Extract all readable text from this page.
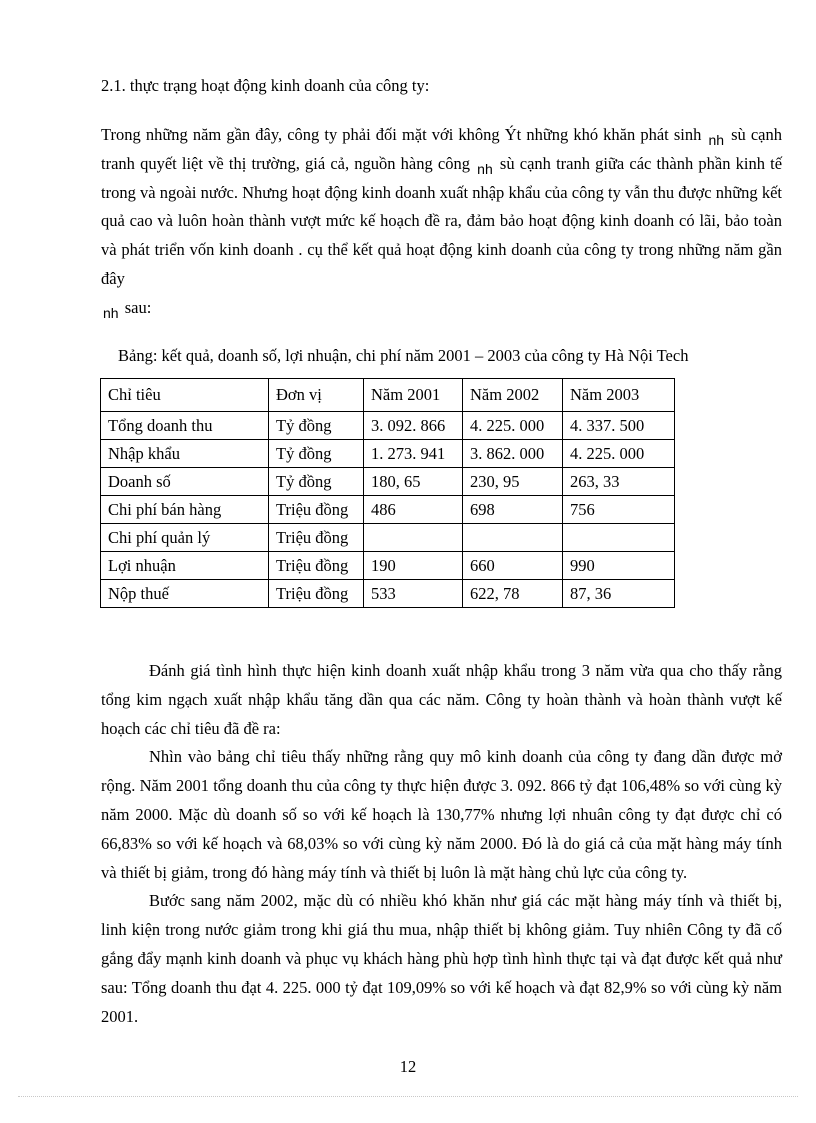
2.1. thực trạng hoạt động kinh doanh của công ty:
Trong những năm gần đây, công ty phải đối mặt với không Ýt những khó khăn phát sinh $_{nh}$ sù cạnh tranh quyết liệt về thị trường, giá cả, nguồn hàng công $_{nh}$ sù cạnh tranh giữa các thành phần kinh tế trong và ngoài nước. Nhưng hoạt động kinh doanh xuất nhập khẩu của công ty vẫn thu được những kết quả cao và luôn hoàn thành vượt mức kế hoạch đề ra, đảm bảo hoạt động kinh doanh có lãi, bảo toàn và phát triển vốn kinh doanh . cụ thể kết quả hoạt động kinh doanh của công ty trong những năm gần đây
$_{nh}$ sau:
Bảng: kết quả, doanh số, lợi nhuận, chi phí năm 2001 – 2003 của công ty Hà Nội Tech
Chỉ tiêu	Đơn vị	Năm 2001	Năm 2002	Năm 2003
Tổng doanh thu	Tỷ đồng	3. 092. 866	4. 225. 000	4. 337. 500
Nhập khẩu	Tỷ đồng	1. 273. 941	3. 862. 000	4. 225. 000
Doanh số	Tỷ đồng	180, 65	230, 95	263, 33
Chi phí bán hàng	Triệu đồng	486	698	756
Chi phí quản lý	Triệu đồng			
Lợi nhuận	Triệu đồng	190	660	990
Nộp thuế	Triệu đồng	533	622, 78	87, 36

Đánh giá tình hình thực hiện kinh doanh xuất nhập khẩu trong 3 năm vừa qua cho thấy rằng tổng kim ngạch xuất nhập khẩu tăng dần qua các năm. Công ty hoàn thành và hoàn thành vượt kế hoạch các chỉ tiêu đã đề ra:

Nhìn vào bảng chỉ tiêu thấy những rằng quy mô kinh doanh của công ty đang dần được mở rộng. Năm 2001 tổng doanh thu của công ty thực hiện được 3. 092. 866 tỷ đạt 106,48% so với cùng kỳ năm 2000. Mặc dù doanh số so với kế hoạch là 130,77% nhưng lợi nhuân công ty đạt được chỉ có 66,83% so với kế hoạch và 68,03% so với cùng kỳ năm 2000. Đó là do giá cả của mặt hàng máy tính và thiết bị giảm, trong đó hàng máy tính và thiết bị luôn là mặt hàng chủ lực của công ty.

Bước sang năm 2002, mặc dù có nhiều khó khăn như giá các mặt hàng máy tính và thiết bị, linh kiện trong nước giảm trong khi giá thu mua, nhập thiết bị không giảm. Tuy nhiên Công ty đã cố gắng đẩy mạnh kinh doanh và phục vụ khách hàng phù hợp tình hình thực tại và đạt được kết quả như sau: Tổng doanh thu đạt 4. 225. 000 tỷ đạt 109,09% so với kế hoạch và đạt 82,9% so với cùng kỳ năm 2001.

12
